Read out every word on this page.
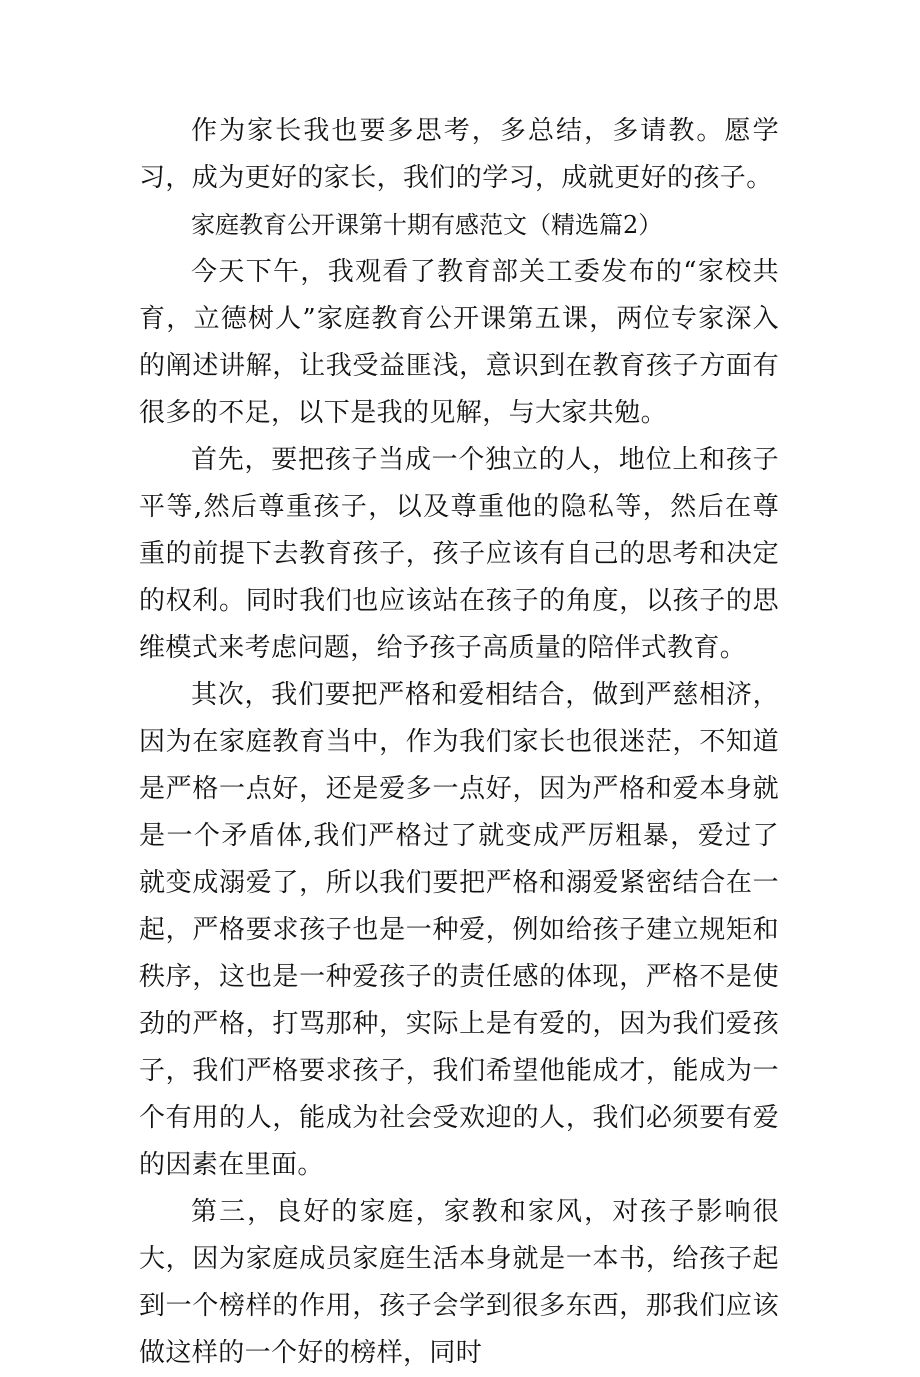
作为家长我也要多思考，多总结，多请教。愿学习，成为更好的家长，我们的学习，成就更好的孩子。

家庭教育公开课第十期有感范文（精选篇2）

今天下午，我观看了教育部关工委发布的“家校共育，立德树人”家庭教育公开课第五课，两位专家深入的阐述讲解，让我受益匪浅，意识到在教育孩子方面有很多的不足，以下是我的见解，与大家共勉。

首先，要把孩子当成一个独立的人，地位上和孩子平等,然后尊重孩子，以及尊重他的隐私等，然后在尊重的前提下去教育孩子，孩子应该有自己的思考和决定的权利。同时我们也应该站在孩子的角度，以孩子的思维模式来考虑问题，给予孩子高质量的陪伴式教育。

其次，我们要把严格和爱相结合，做到严慈相济，因为在家庭教育当中，作为我们家长也很迷茫，不知道是严格一点好，还是爱多一点好，因为严格和爱本身就是一个矛盾体,我们严格过了就变成严厉粗暴，爱过了就变成溺爱了，所以我们要把严格和溺爱紧密结合在一起，严格要求孩子也是一种爱，例如给孩子建立规矩和秩序，这也是一种爱孩子的责任感的体现，严格不是使劲的严格，打骂那种，实际上是有爱的，因为我们爱孩子，我们严格要求孩子，我们希望他能成才，能成为一个有用的人，能成为社会受欢迎的人，我们必须要有爱的因素在里面。

第三，良好的家庭，家教和家风，对孩子影响很大，因为家庭成员家庭生活本身就是一本书，给孩子起到一个榜样的作用，孩子会学到很多东西，那我们应该做这样的一个好的榜样，同时
